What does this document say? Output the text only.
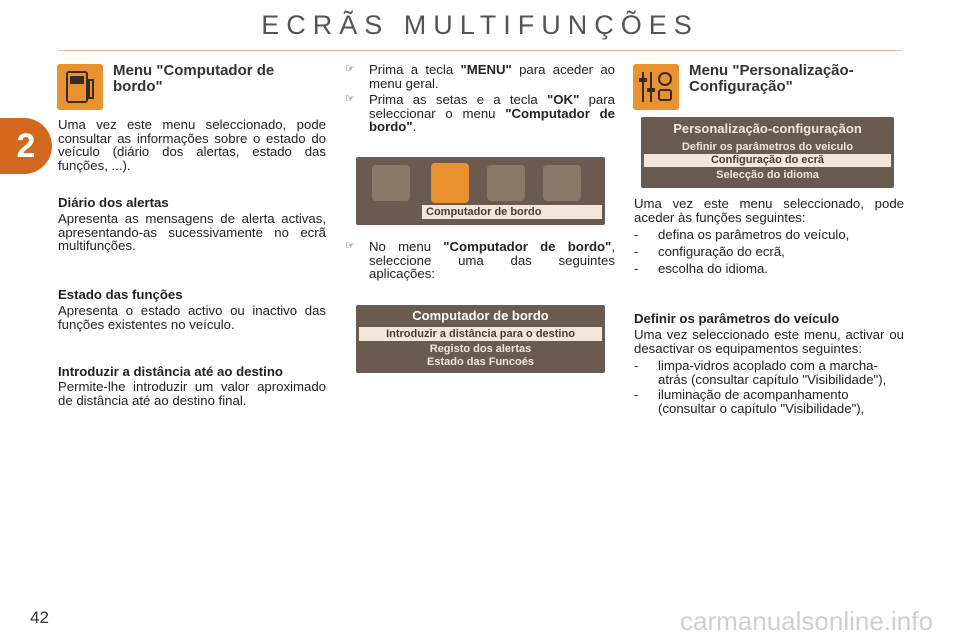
ECRÃS MULTIFUNÇÕES
2
Menu "Computador de bordo"
Uma vez este menu seleccionado, pode consultar as informações sobre o estado do veículo (diário dos alertas, estado das funções, ...).
Diário dos alertas
Apresenta as mensagens de alerta activas, apresentando-as sucessivamente no ecrã multifunções.
Estado das funções
Apresenta o estado activo ou inactivo das funções existentes no veículo.
Introduzir a distância até ao destino
Permite-lhe introduzir um valor aproximado de distância até ao destino final.
☞ Prima a tecla "MENU" para aceder ao menu geral.
☞ Prima as setas e a tecla "OK" para seleccionar o menu "Computador de bordo".
Computador de bordo
☞ No menu "Computador de bordo", seleccione uma das seguintes aplicações:
Computador de bordo
Introduzir a distância para o destino
Registo dos alertas
Estado das Funcoés
Menu "Personalização-Configuração"
Personalização-configuraçãon
Definir os parâmetros do veiculo
Configuração do ecrã
Selecção do idioma
Uma vez este menu seleccionado, pode aceder às funções seguintes:
- defina os parâmetros do veículo,
- configuração do ecrã,
- escolha do idioma.
Definir os parâmetros do veículo
Uma vez seleccionado este menu, activar ou desactivar os equipamentos seguintes:
- limpa-vidros acoplado com a marcha-atrás (consultar capítulo "Visibilidade"),
- iluminação de acompanhamento (consultar o capítulo "Visibilidade"),
42	carmanualsonline.info
